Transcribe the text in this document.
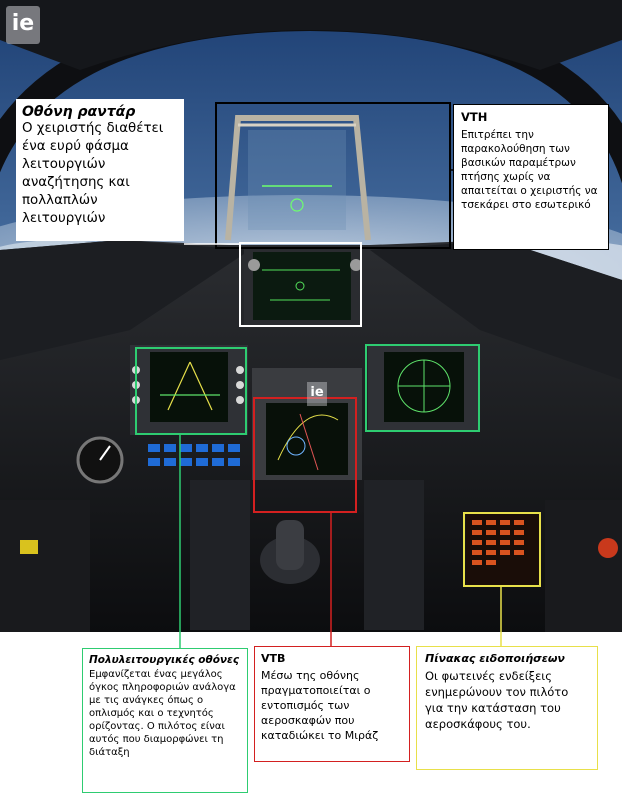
ie
ie
Οθόνη ραντάρ
Ο χειριστής διαθέτει ένα ευρύ φάσμα λειτουργιών αναζήτησης και πολλαπλών λειτουργιών
VTH
Επιτρέπει την παρακολούθηση των βασικών παραμέτρων πτήσης χωρίς να απαιτείται ο χειριστής να τσεκάρει στο εσωτερικό
Πολυλειτουργικές οθόνες
Εμφανίζεται ένας μεγάλος όγκος πληροφοριών ανάλογα με τις ανάγκες όπως ο οπλισμός και ο τεχνητός ορίζοντας. Ο πιλότος είναι αυτός που διαμορφώνει τη διάταξη
VTB
Μέσω της οθόνης πραγματοποιείται ο εντοπισμός των αεροσκαφών που καταδιώκει το Μιράζ
Πίνακας ειδοποιήσεων
Οι φωτεινές ενδείξεις ενημερώνουν τον πιλότο για την κατάσταση του αεροσκάφους του.
